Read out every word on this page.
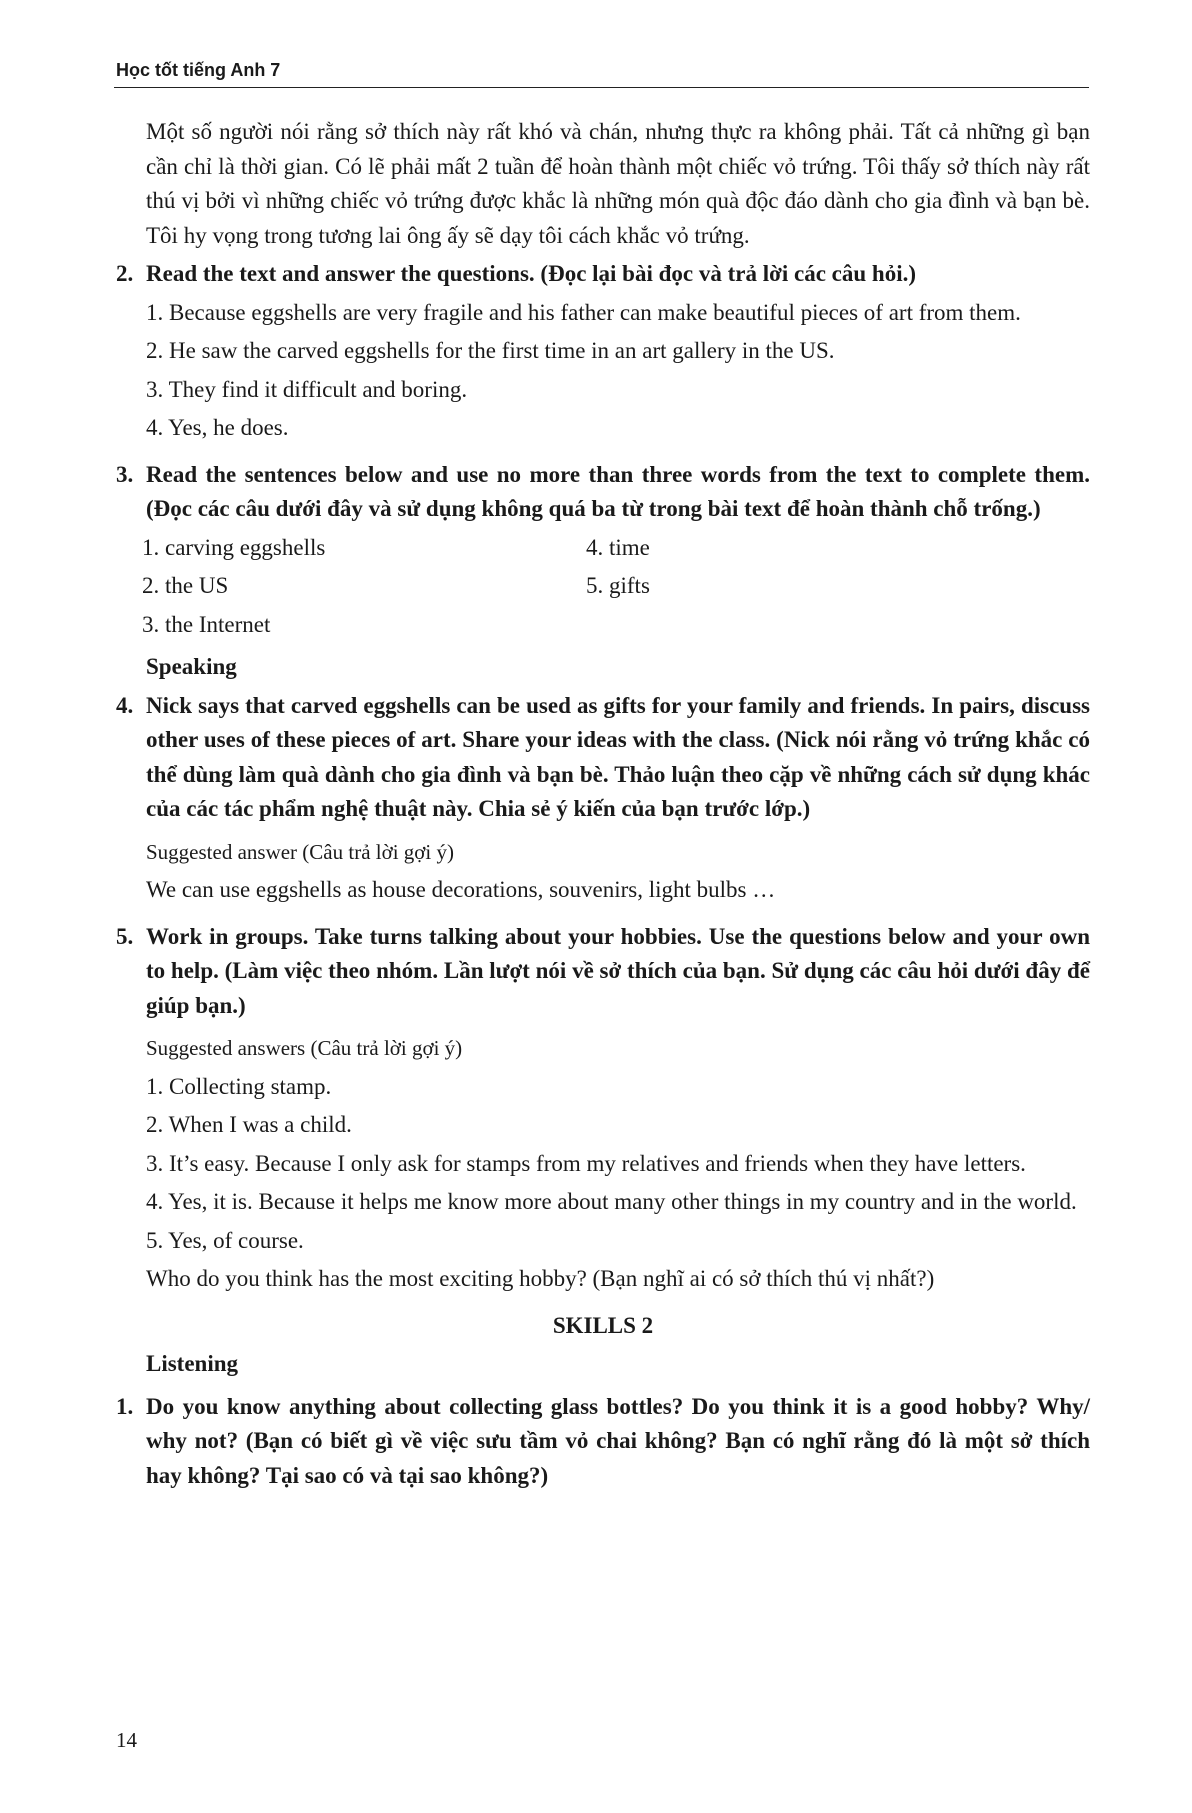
Học tốt tiếng Anh 7

Một số người nói rằng sở thích này rất khó và chán, nhưng thực ra không phải. Tất cả những gì bạn cần chỉ là thời gian. Có lẽ phải mất 2 tuần để hoàn thành một chiếc vỏ trứng. Tôi thấy sở thích này rất thú vị bởi vì những chiếc vỏ trứng được khắc là những món quà độc đáo dành cho gia đình và bạn bè. Tôi hy vọng trong tương lai ông ấy sẽ dạy tôi cách khắc vỏ trứng.

2. Read the text and answer the questions. (Đọc lại bài đọc và trả lời các câu hỏi.)

1. Because eggshells are very fragile and his father can make beautiful pieces of art from them.

2. He saw the carved eggshells for the first time in an art gallery in the US.

3. They find it difficult and boring.

4. Yes, he does.

3. Read the sentences below and use no more than three words from the text to complete them.(Đọc các câu dưới đây và sử dụng không quá ba từ trong bài text để hoàn thành chỗ trống.)

1. carving eggshells

2. the US

3. the Internet

4. time

5. gifts

Speaking

4. Nick says that carved eggshells can be used as gifts for your family and friends. In pairs, discuss other uses of these pieces of art. Share your ideas with the class. (Nick nói rằng vỏ trứng khắc có thể dùng làm quà dành cho gia đình và bạn bè. Thảo luận theo cặp về những cách sử dụng khác của các tác phẩm nghệ thuật này. Chia sẻ ý kiến của bạn trước lớp.)

Suggested answer (Câu trả lời gợi ý)

We can use eggshells as house decorations, souvenirs, light bulbs …

5. Work in groups. Take turns talking about your hobbies. Use the questions below and your own to help. (Làm việc theo nhóm. Lần lượt nói về sở thích của bạn. Sử dụng các câu hỏi dưới đây để giúp bạn.)

Suggested answers (Câu trả lời gợi ý)

1. Collecting stamp.

2. When I was a child.

3. It’s easy. Because I only ask for stamps from my relatives and friends when they have letters.

4. Yes, it is. Because it helps me know more about many other things in my country and in the world.

5. Yes, of course.

Who do you think has the most exciting hobby? (Bạn nghĩ ai có sở thích thú vị nhất?)

SKILLS 2

Listening

1. Do you know anything about collecting glass bottles? Do you think it is a good hobby? Why/ why not? (Bạn có biết gì về việc sưu tầm vỏ chai không? Bạn có nghĩ rằng đó là một sở thích hay không? Tại sao có và tại sao không?)
14
